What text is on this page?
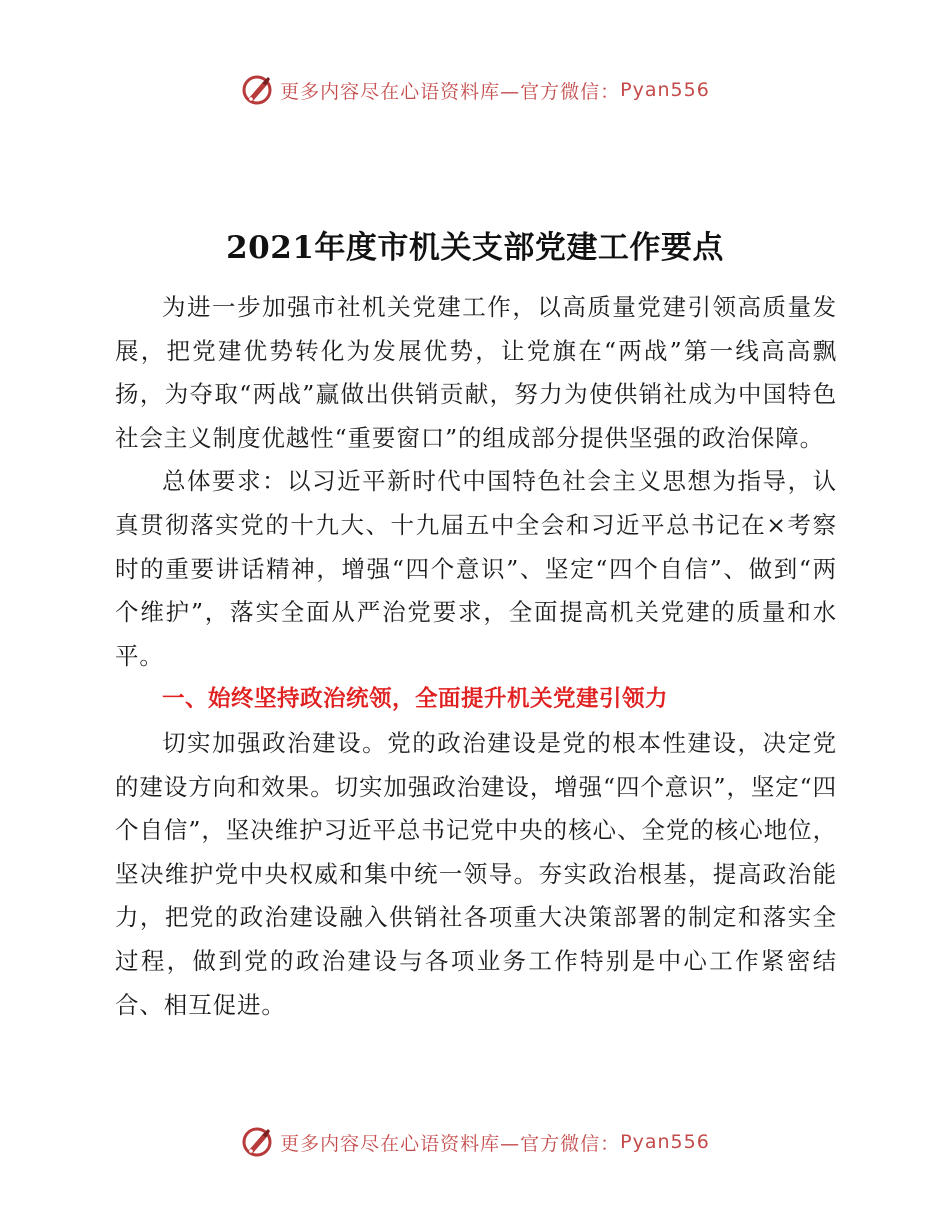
更多内容尽在心语资料库—官方微信： Pyan556
2021年度市机关支部党建工作要点

为进一步加强市社机关党建工作，以高质量党建引领高质量发展，把党建优势转化为发展优势，让党旗在“两战”第一线高高飘扬，为夺取“两战”赢做出供销贡献，努力为使供销社成为中国特色社会主义制度优越性“重要窗口”的组成部分提供坚强的政治保障。

总体要求：以习近平新时代中国特色社会主义思想为指导，认真贯彻落实党的十九大、十九届五中全会和习近平总书记在×考察时的重要讲话精神，增强“四个意识”、坚定“四个自信”、做到“两个维护”，落实全面从严治党要求，全面提高机关党建的质量和水平。

一、始终坚持政治统领，全面提升机关党建引领力

切实加强政治建设。党的政治建设是党的根本性建设，决定党的建设方向和效果。切实加强政治建设，增强“四个意识”，坚定“四个自信”，坚决维护习近平总书记党中央的核心、全党的核心地位，坚决维护党中央权威和集中统一领导。夯实政治根基，提高政治能力，把党的政治建设融入供销社各项重大决策部署的制定和落实全过程，做到党的政治建设与各项业务工作特别是中心工作紧密结合、相互促进。

更多内容尽在心语资料库—官方微信： Pyan556
